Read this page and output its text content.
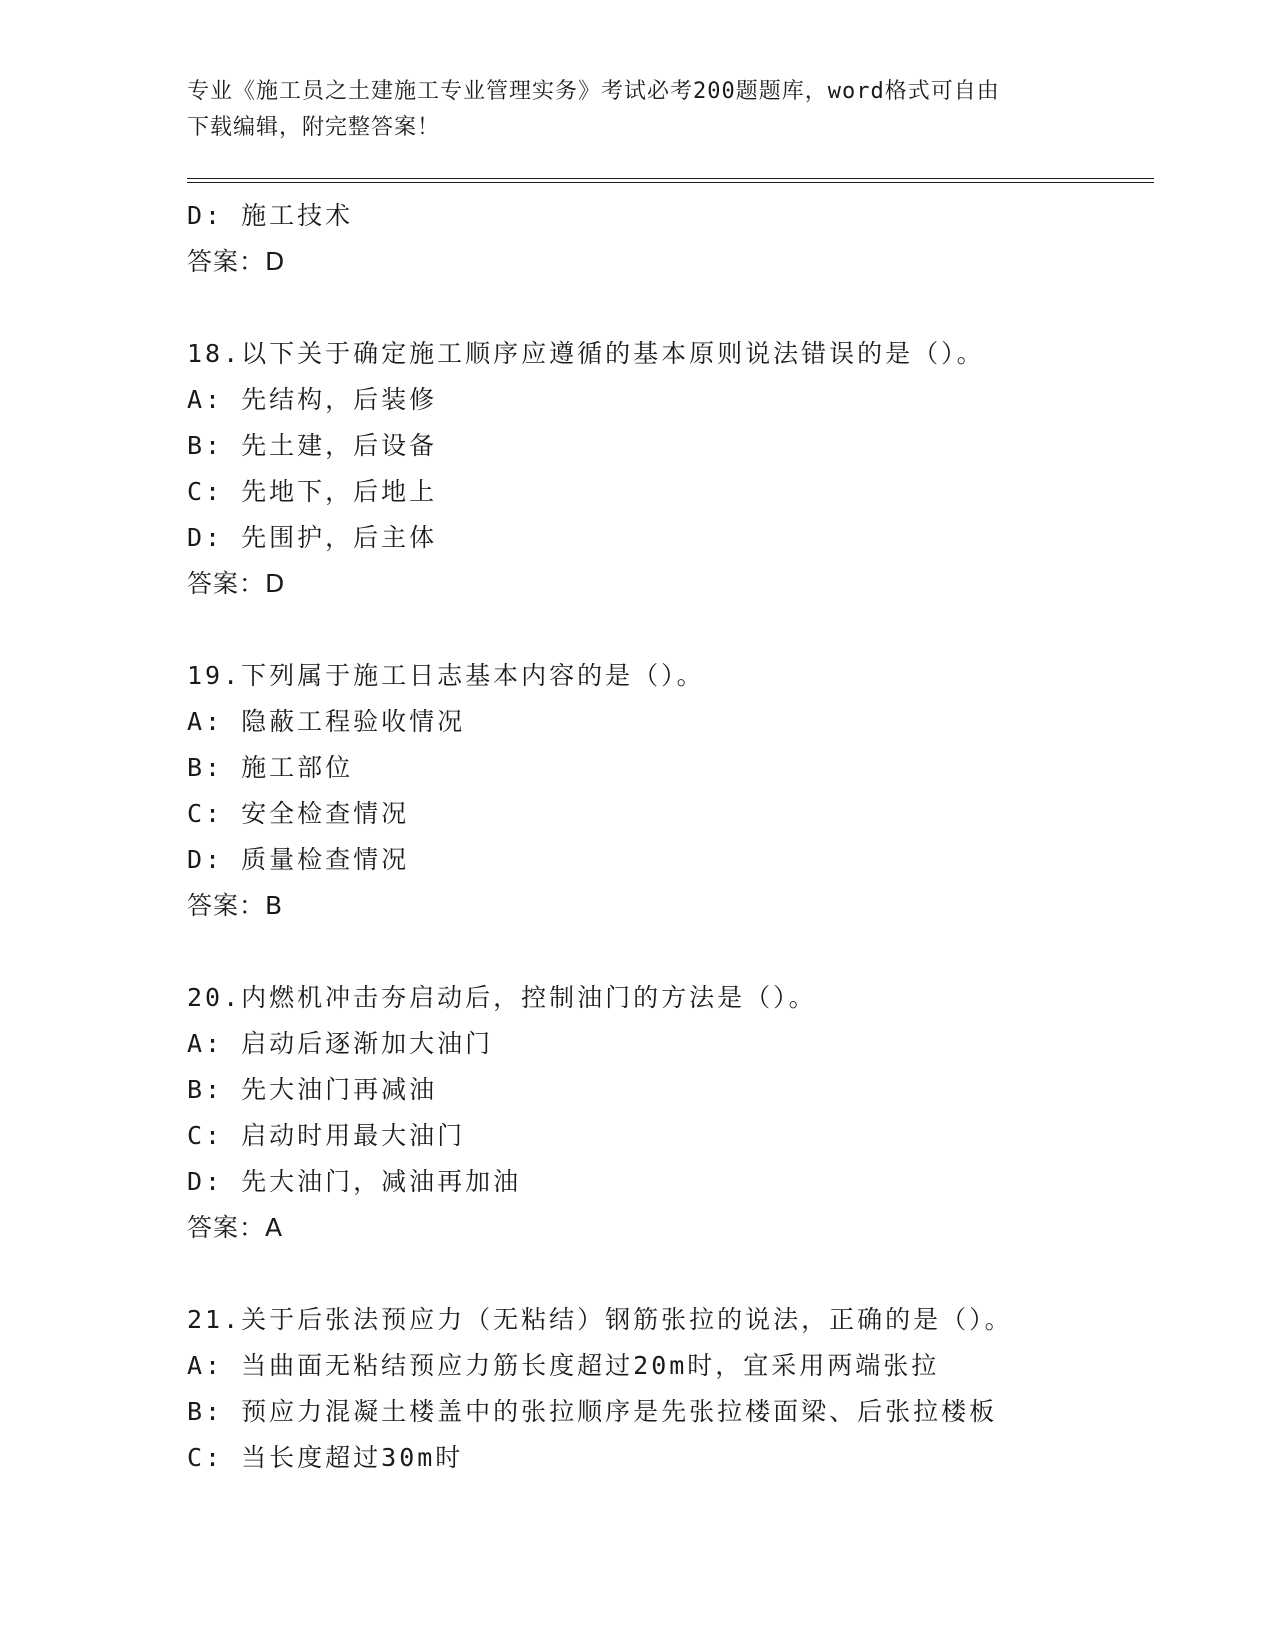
专业《施工员之土建施工专业管理实务》考试必考200题题库，word格式可自由
下载编辑，附完整答案！
D: 施工技术
答案：D
18.以下关于确定施工顺序应遵循的基本原则说法错误的是（）。
A: 先结构，后装修
B: 先土建，后设备
C: 先地下，后地上
D: 先围护，后主体
答案：D
19.下列属于施工日志基本内容的是（）。
A: 隐蔽工程验收情况
B: 施工部位
C: 安全检查情况
D: 质量检查情况
答案：B
20.内燃机冲击夯启动后，控制油门的方法是（）。
A: 启动后逐渐加大油门
B: 先大油门再减油
C: 启动时用最大油门
D: 先大油门，减油再加油
答案：A
21.关于后张法预应力（无粘结）钢筋张拉的说法，正确的是（）。
A: 当曲面无粘结预应力筋长度超过20m时，宜采用两端张拉
B: 预应力混凝土楼盖中的张拉顺序是先张拉楼面梁、后张拉楼板
C: 当长度超过30m时
